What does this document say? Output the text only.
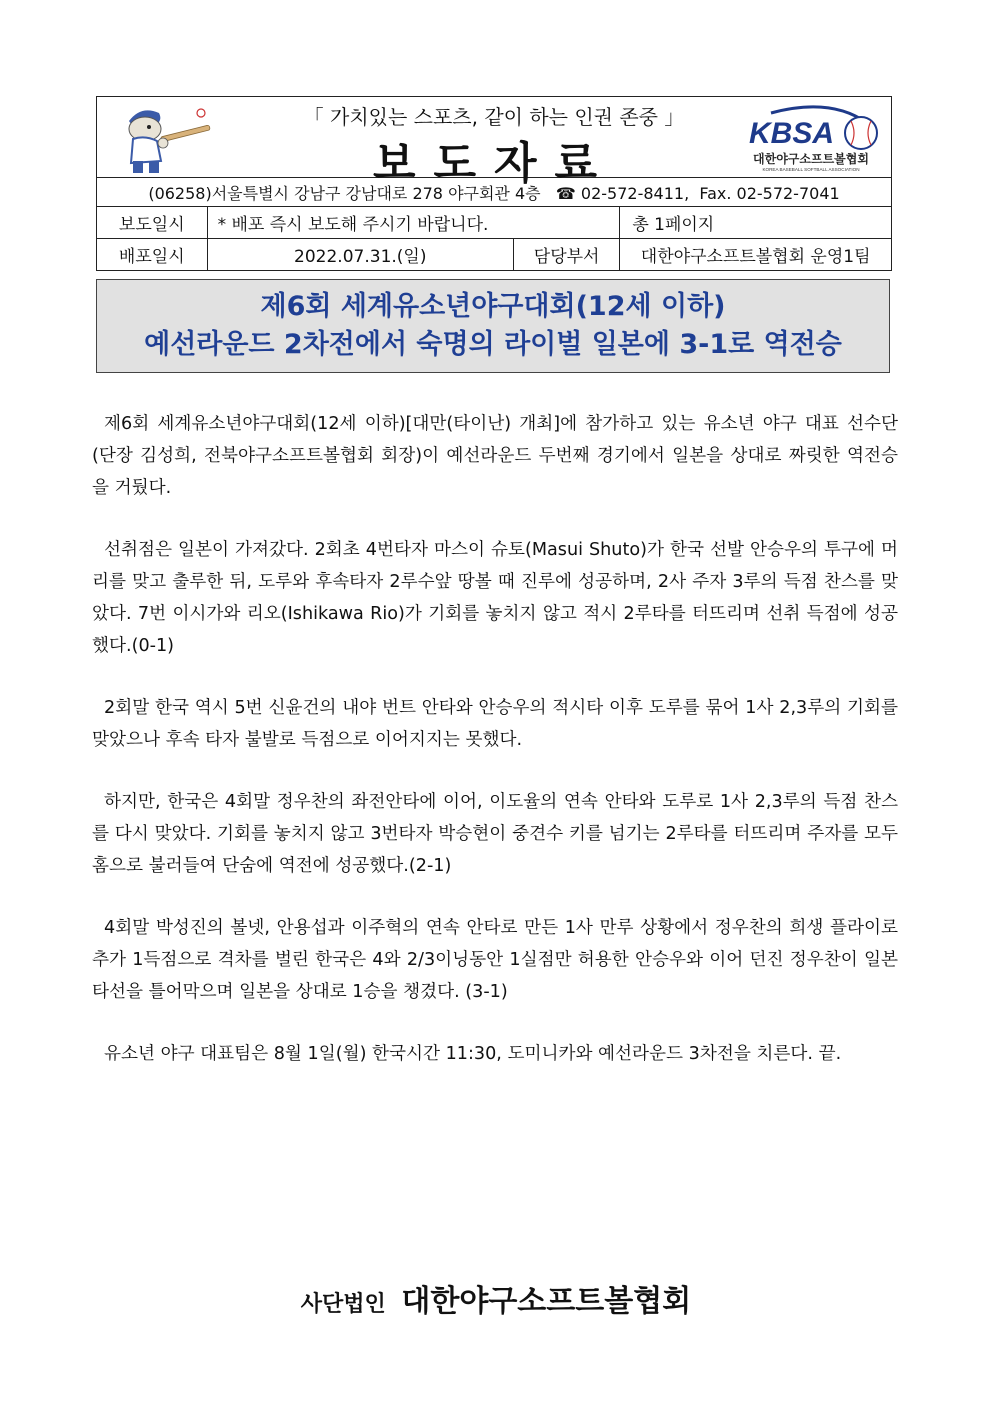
「 가치있는 스포츠, 같이 하는 인권 존중 」
보도자료
KBSA
대한야구소프트볼협회
KOREA BASEBALL SOFTBALL ASSOCIATION			

(06258)서울특별시 강남구 강남대로 278 야구회관 4층 ☎ 02-572-8411, Fax. 02-572-7041			
보도일시	* 배포 즉시 보도해 주시기 바랍니다.		총 1페이지
배포일시	2022.07.31.(일)	담당부서	대한야구소프트볼협회 운영1팀
제6회 세계유소년야구대회(12세 이하)
예선라운드 2차전에서 숙명의 라이벌 일본에 3-1로 역전승

제6회 세계유소년야구대회(12세 이하)[대만(타이난) 개최]에 참가하고 있는 유소년 야구 대표 선수단(단장 김성희, 전북야구소프트볼협회 회장)이 예선라운드 두번째 경기에서 일본을 상대로 짜릿한 역전승을 거뒀다.

선취점은 일본이 가져갔다. 2회초 4번타자 마스이 슈토(Masui Shuto)가 한국 선발 안승우의 투구에 머리를 맞고 출루한 뒤, 도루와 후속타자 2루수앞 땅볼 때 진루에 성공하며, 2사 주자 3루의 득점 찬스를 맞았다. 7번 이시가와 리오(Ishikawa Rio)가 기회를 놓치지 않고 적시 2루타를 터뜨리며 선취 득점에 성공했다.(0-1)

2회말 한국 역시 5번 신윤건의 내야 번트 안타와 안승우의 적시타 이후 도루를 묶어 1사 2,3루의 기회를 맞았으나 후속 타자 불발로 득점으로 이어지지는 못했다.

하지만, 한국은 4회말 정우찬의 좌전안타에 이어, 이도율의 연속 안타와 도루로 1사 2,3루의 득점 찬스를 다시 맞았다. 기회를 놓치지 않고 3번타자 박승현이 중견수 키를 넘기는 2루타를 터뜨리며 주자를 모두 홈으로 불러들여 단숨에 역전에 성공했다.(2-1)

4회말 박성진의 볼넷, 안용섭과 이주혁의 연속 안타로 만든 1사 만루 상황에서 정우찬의 희생 플라이로 추가 1득점으로 격차를 벌린 한국은 4와 2/3이닝동안 1실점만 허용한 안승우와 이어 던진 정우찬이 일본 타선을 틀어막으며 일본을 상대로 1승을 챙겼다. (3-1)

유소년 야구 대표팀은 8월 1일(월) 한국시간 11:30, 도미니카와 예선라운드 3차전을 치른다. 끝.

사단법인 대한야구소프트볼협회
